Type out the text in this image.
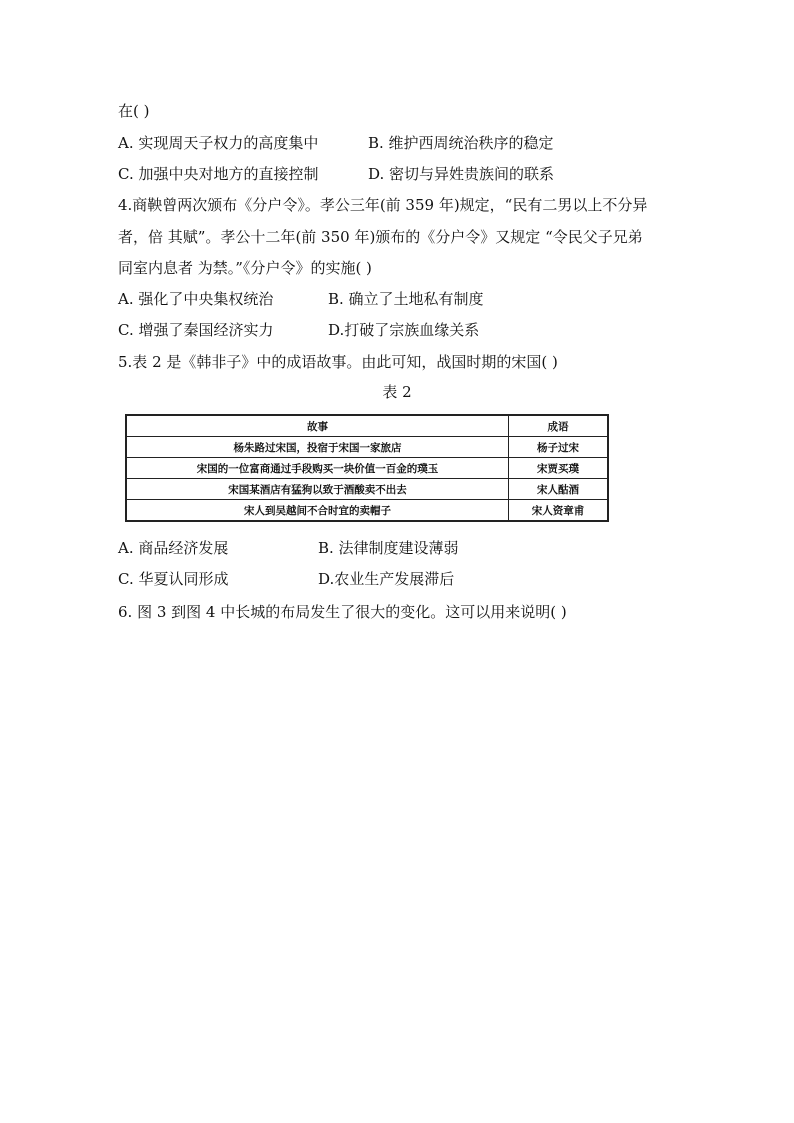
在( )
A. 实现周天子权力的高度集中	B. 维护西周统治秩序的稳定
C. 加强中央对地方的直接控制	D. 密切与异姓贵族间的联系
4.商鞅曾两次颁布《分户令》。孝公三年(前 359 年)规定，“民有二男以上不分异
者，倍 其赋”。孝公十二年(前 350 年)颁布的《分户令》又规定 “令民父子兄弟
同室内息者 为禁。”《分户令》的实施( )
A. 强化了中央集权统治	B. 确立了土地私有制度
C. 增强了秦国经济实力	D.打破了宗族血缘关系
5.表 2 是《韩非子》中的成语故事。由此可知，战国时期的宋国( )
表 2
故事	成语
杨朱路过宋国，投宿于宋国一家旅店	杨子过宋
宋国的一位富商通过手段购买一块价值一百金的璞玉	宋贾买璞
宋国某酒店有猛狗以致于酒酸卖不出去	宋人酤酒
宋人到吴越间不合时宜的卖帽子	宋人资章甫
A. 商品经济发展	B. 法律制度建设薄弱
C. 华夏认同形成	D.农业生产发展滞后
6. 图 3 到图 4 中长城的布局发生了很大的变化。这可以用来说明( )
